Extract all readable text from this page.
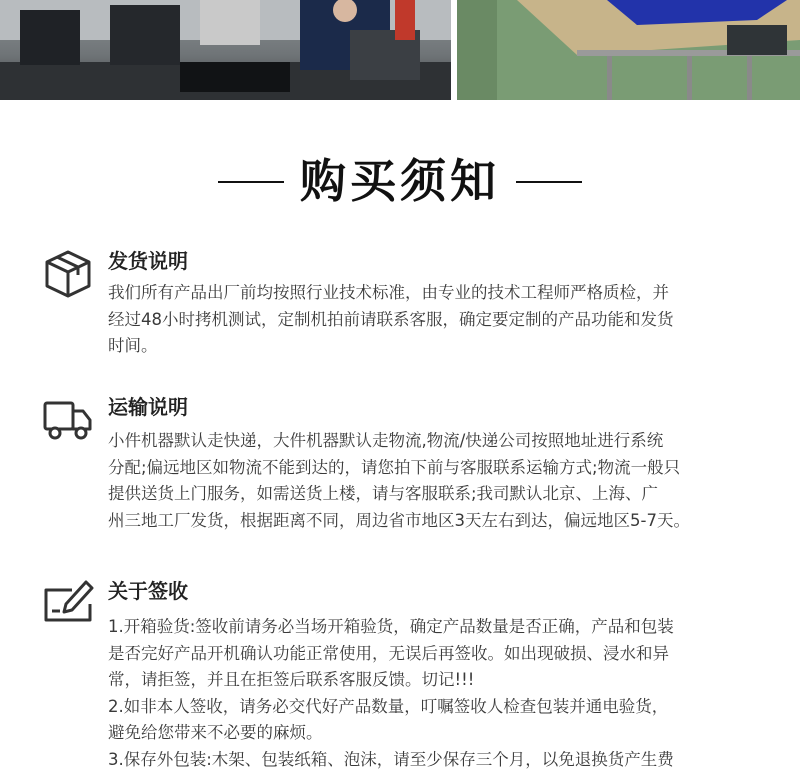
购买须知
发货说明

我们所有产品出厂前均按照行业技术标准，由专业的技术工程师严格质检，并

经过48小时拷机测试，定制机拍前请联系客服，确定要定制的产品功能和发货

时间。

运输说明

小件机器默认走快递，大件机器默认走物流,物流/快递公司按照地址进行系统

分配;偏远地区如物流不能到达的，请您拍下前与客服联系运输方式;物流一般只

提供送货上门服务，如需送货上楼，请与客服联系;我司默认北京、上海、广

州三地工厂发货，根据距离不同，周边省市地区3天左右到达，偏远地区5-7天。

关于签收

1.开箱验货:签收前请务必当场开箱验货，确定产品数量是否正确，产品和包装

是否完好产品开机确认功能正常使用，无误后再签收。如出现破损、浸水和异

常，请拒签，并且在拒签后联系客服反馈。切记!!!

2.如非本人签收，请务必交代好产品数量，叮嘱签收人检查包装并通电验货，

避免给您带来不必要的麻烦。

3.保存外包装:木架、包装纸箱、泡沫，请至少保存三个月，以免退换货产生费
